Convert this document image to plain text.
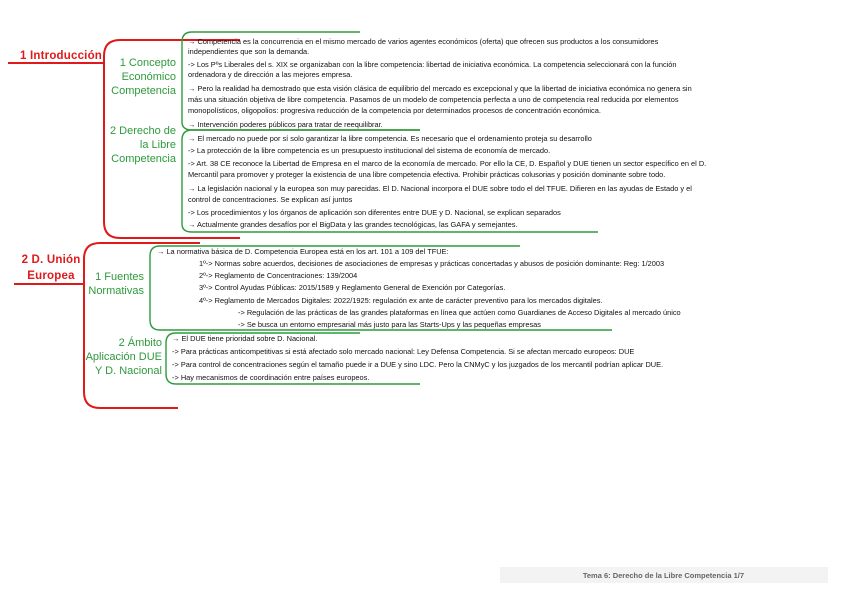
1 Introducción
1 Concepto
Económico
Competencia
→ Competencia es la concurrencia en el mismo mercado de varios agentes económicos (oferta) que ofrecen sus productos a los consumidores
independientes que son la demanda.
-> Los Pºs Liberales del s. XIX se organizaban con la libre competencia: libertad de iniciativa económica. La competencia seleccionará con la función
ordenadora y de dirección a las mejores empresa.
→ Pero la realidad ha demostrado que esta visión clásica de equilibrio del mercado es excepcional y que la libertad de iniciativa económica no genera sin
más una situación objetiva de libre competencia. Pasamos de un modelo de competencia perfecta a uno de competencia real reducida por elementos
monopolísticos, oligopolios: progresiva reducción de la competencia por determinados procesos de concentración económica.
→ Intervención poderes públicos para tratar de reequilibrar.
2 Derecho de
la Libre
Competencia
→ El mercado no puede por sí solo garantizar la libre competencia. Es necesario que el ordenamiento proteja su desarrollo
-> La protección de la libre competencia es un presupuesto institucional del sistema de economía de mercado.
-> Art. 38 CE reconoce la Libertad de Empresa en el marco de la economía de mercado. Por ello la CE, D. Español y DUE tienen un sector específico en el D.
Mercantil para promover y proteger la existencia de una libre competencia efectiva. Prohibir prácticas colusorias y posición dominante sobre todo.
→ La legislación nacional y la europea son muy parecidas. El D. Nacional incorpora el DUE sobre todo el del TFUE. Difieren en las ayudas de Estado y el
control de concentraciones. Se explican así juntos
-> Los procedimientos y los órganos de aplicación son diferentes entre DUE y D. Nacional, se explican separados
→ Actualmente grandes desafíos por el BigData y las grandes tecnológicas, las GAFA y semejantes.
2 D. Unión
Europea	1 Fuentes
Normativas
→ La normativa básica de D. Competencia Europea está en los art. 101 a 109 del TFUE:
1º-> Normas sobre acuerdos, decisiones de asociaciones de empresas y prácticas concertadas y abusos de posición dominante: Reg: 1/2003
2º-> Reglamento de Concentraciones: 139/2004
3º-> Control Ayudas Públicas: 2015/1589 y Reglamento General de Exención por Categorías.
4º-> Reglamento de Mercados Digitales: 2022/1925: regulación ex ante de carácter preventivo para los mercados digitales.
-> Regulación de las prácticas de las grandes plataformas en línea que actúen como Guardianes de Acceso Digitales al mercado único
-> Se busca un entorno empresarial más justo para las Starts-Ups y las pequeñas empresas
2 Ámbito
Aplicación DUE
Y D. Nacional
→ El DUE tiene prioridad sobre D. Nacional.
-> Para prácticas anticompetitivas si está afectado solo mercado nacional: Ley Defensa Competencia. Si se afectan mercado europeos: DUE
-> Para control de concentraciones según el tamaño puede ir a DUE y sino LDC. Pero la CNMyC y los juzgados de los mercantil podrían aplicar DUE.
-> Hay mecanismos de coordinación entre países europeos.
Tema 6: Derecho de la Libre Competencia 1/7
